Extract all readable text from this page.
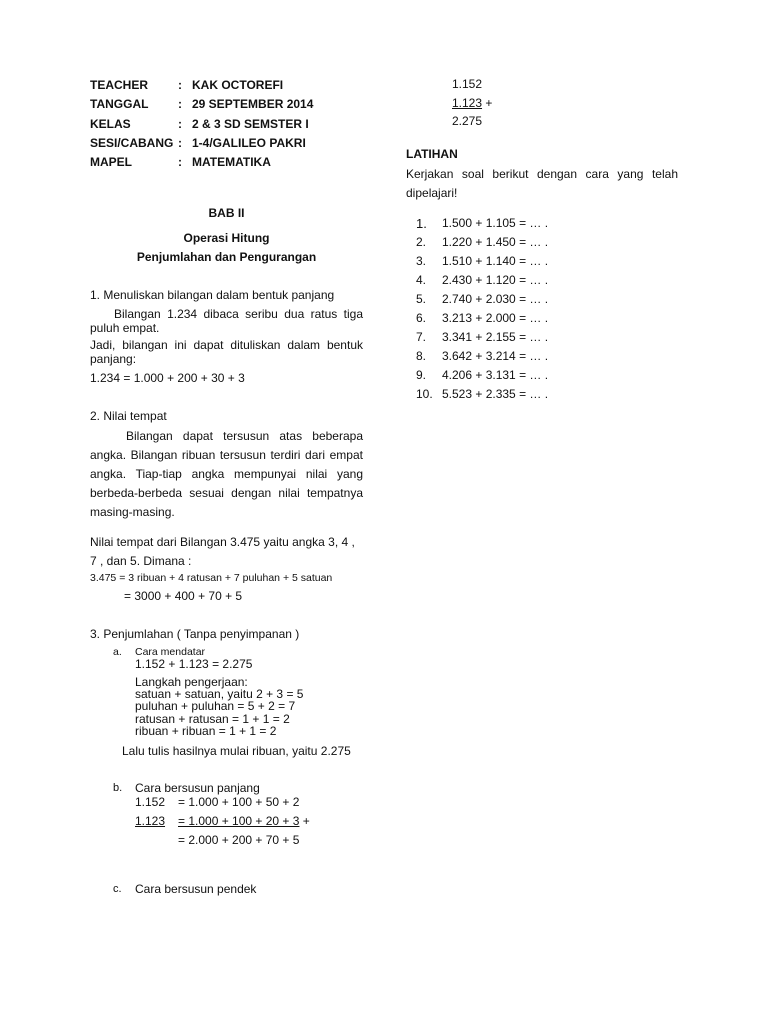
TEACHER	: KAK OCTOREFI
TANGGAL	: 29 SEPTEMBER 2014
KELAS	: 2 & 3 SD SEMSTER I
SESI/CABANG : 1-4/GALILEO PAKRI
MAPEL	: MATEMATIKA
BAB II
Operasi Hitung
Penjumlahan dan Pengurangan
1. Menuliskan bilangan dalam bentuk panjang
Bilangan 1.234 dibaca seribu dua ratus tiga puluh empat.
Jadi, bilangan ini dapat dituliskan dalam bentuk panjang:
1.234 = 1.000 + 200 + 30 + 3
2. Nilai tempat
Bilangan dapat tersusun atas beberapa angka. Bilangan ribuan tersusun terdiri dari empat angka. Tiap-tiap angka mempunyai nilai yang berbeda-berbeda sesuai dengan nilai tempatnya masing-masing.
Nilai tempat dari Bilangan 3.475 yaitu angka 3, 4 , 7 , dan 5. Dimana :
3.475 = 3 ribuan + 4 ratusan + 7 puluhan + 5 satuan
= 3000 + 400 + 70 + 5
3. Penjumlahan ( Tanpa penyimpanan )
a. Cara mendatar
1.152 + 1.123 = 2.275
Langkah pengerjaan:
satuan + satuan, yaitu 2 + 3 = 5
puluhan + puluhan = 5 + 2 = 7
ratusan + ratusan = 1 + 1 = 2
ribuan + ribuan = 1 + 1 = 2
Lalu tulis hasilnya mulai ribuan, yaitu 2.275
b. Cara bersusun panjang
1.152 = 1.000 + 100 + 50 + 2
1.123 = 1.000 + 100 + 20 + 3 +
= 2.000 + 200 + 70 + 5
c. Cara bersusun pendek
1.152
1.123 +
2.275
LATIHAN
Kerjakan soal berikut dengan cara yang telah dipelajari!
1.	1.500 + 1.105 = … .
2.	1.220 + 1.450 = … .
3.	1.510 + 1.140 = … .
4.	2.430 + 1.120 = … .
5.	2.740 + 2.030 = … .
6.	3.213 + 2.000 = … .
7.	3.341 + 2.155 = … .
8.	3.642 + 3.214 = … .
9.	4.206 + 3.131 = … .
10. 5.523 + 2.335 = … .
